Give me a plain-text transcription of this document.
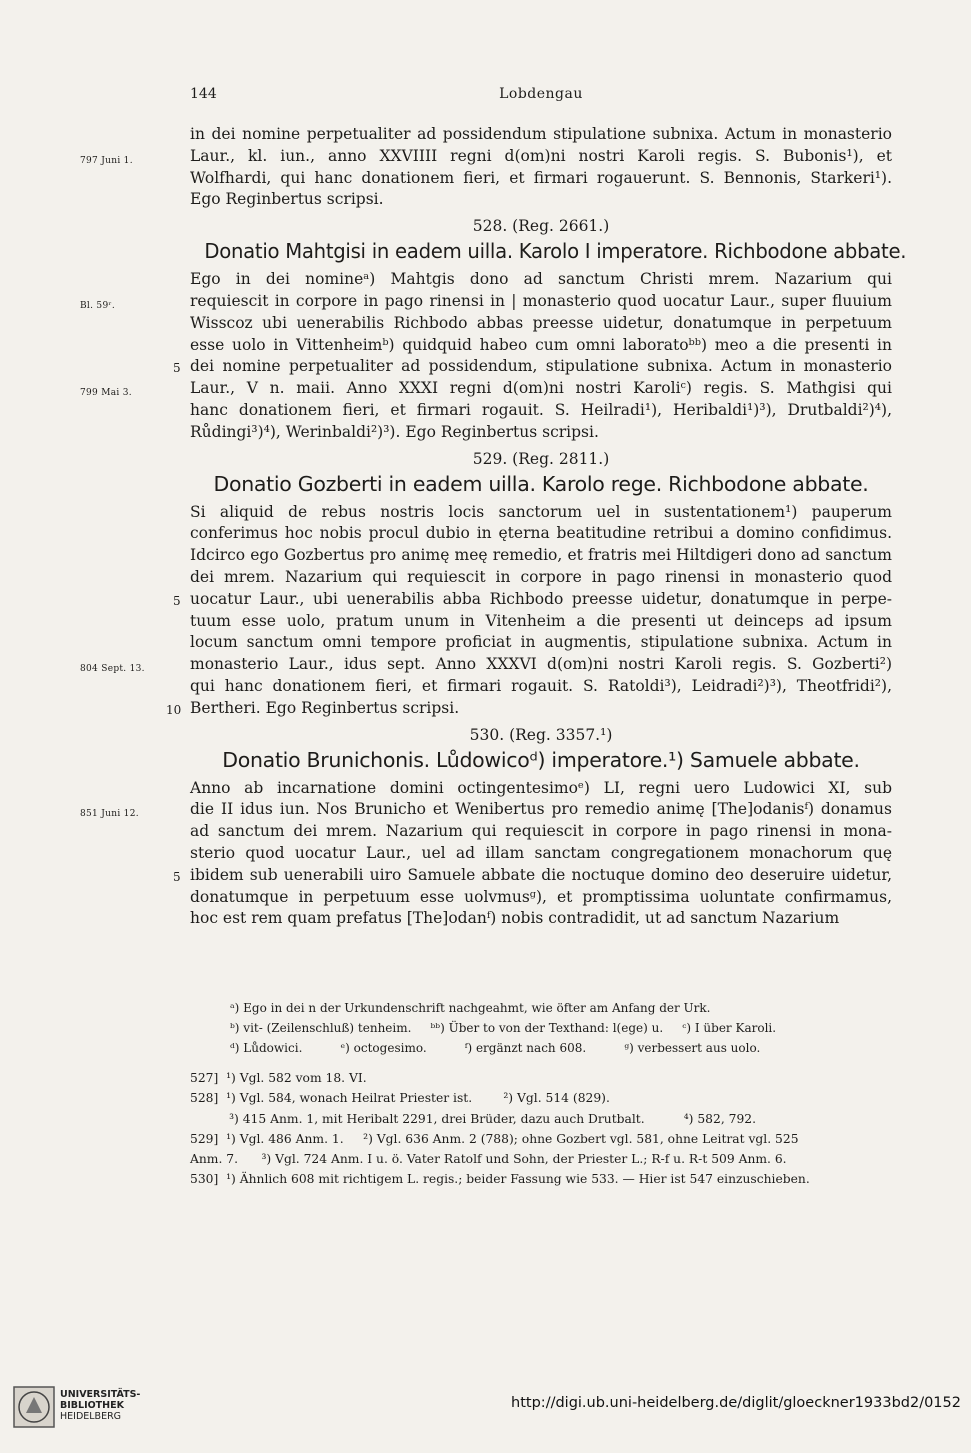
144	Lobdengau

in dei nomine perpetualiter ad possidendum stipulatione subnixa. Actum in monasterio
Laur., kl. iun., anno XXVIIII regni d(om)ni nostri Karoli regis. S. Bubonis¹), et
797 Juni 1.
Wolfhardi, qui hanc donationem fieri, et firmari rogauerunt. S. Bennonis, Starkeri¹).
Ego Reginbertus scripsi.

528. (Reg. 2661.)
Donatio Mahtgisi in eadem uilla. Karolo I imperatore. Richbodone abbate.

Ego in dei nomineᵃ) Mahtgis dono ad sanctum Christi mrem. Nazarium qui
requiescit in corpore in pago rinensi in | monasterio quod uocatur Laur., super fluuium
Bl. 59ʳ.
Wisscoz ubi uenerabilis Richbodo abbas preesse uidetur, donatumque in perpetuum
esse uolo in Vittenheimᵇ) quidquid habeo cum omni laboratoᵇᵇ) meo a die presenti in
dei nomine perpetualiter ad possidendum, stipulatione subnixa. Actum in monasterio
5
Laur., V n. maii. Anno XXXI regni d(om)ni nostri Karoliᶜ) regis. S. Mathgisi qui
799 Mai 3.
hanc donationem fieri, et firmari rogauit. S. Heilradi¹), Heribaldi¹)³), Drutbaldi²)⁴),
Růdingi³)⁴), Werinbaldi²)³). Ego Reginbertus scripsi.

529. (Reg. 2811.)
Donatio Gozberti in eadem uilla. Karolo rege. Richbodone abbate.

Si aliquid de rebus nostris locis sanctorum uel in sustentationem¹) pauperum
conferimus hoc nobis procul dubio in ęterna beatitudine retribui a domino confidimus.
Idcirco ego Gozbertus pro animę meę remedio, et fratris mei Hiltdigeri dono ad sanctum
dei mrem. Nazarium qui requiescit in corpore in pago rinensi in monasterio quod
uocatur Laur., ubi uenerabilis abba Richbodo preesse uidetur, donatumque in perpe-
5
tuum esse uolo, pratum unum in Vitenheim a die presenti ut deinceps ad ipsum
locum sanctum omni tempore proficiat in augmentis, stipulatione subnixa. Actum in
monasterio Laur., idus sept. Anno XXXVI d(om)ni nostri Karoli regis. S. Gozberti²)
804 Sept. 13.
qui hanc donationem fieri, et firmari rogauit. S. Ratoldi³), Leidradi²)³), Theotfridi²),
Bertheri. Ego Reginbertus scripsi.
10

530. (Reg. 3357.¹)
Donatio Brunichonis. Lůdowicoᵈ) imperatore.¹) Samuele abbate.

Anno ab incarnatione domini octingentesimoᵉ) LI, regni uero Ludowici XI, sub
die II idus iun. Nos Brunicho et Wenibertus pro remedio animę [The]odanisᶠ) donamus
851 Juni 12.
ad sanctum dei mrem. Nazarium qui requiescit in corpore in pago rinensi in mona-
sterio quod uocatur Laur., uel ad illam sanctam congregationem monachorum quę
ibidem sub uenerabili uiro Samuele abbate die noctuque domino deo deseruire uidetur,
5
donatumque in perpetuum esse uolvmusᵍ), et promptissima uoluntate confirmamus,
hoc est rem quam prefatus [The]odanᶠ) nobis contradidit, ut ad sanctum Nazarium

ᵃ) Ego in dei n der Urkundenschrift nachgeahmt, wie öfter am Anfang der Urk.
ᵇ) vit- (Zeilenschluß) tenheim.     ᵇᵇ) Über to von der Texthand: l(ege) u.     ᶜ) I über Karoli.
ᵈ) Lůdowici.          ᵉ) octogesimo.          ᶠ) ergänzt nach 608.          ᵍ) verbessert aus uolo.
527]  ¹) Vgl. 582 vom 18. VI.
528]  ¹) Vgl. 584, wonach Heilrat Priester ist.        ²) Vgl. 514 (829).
³) 415 Anm. 1, mit Heribalt 2291, drei Brüder, dazu auch Drutbalt.          ⁴) 582, 792.
529]  ¹) Vgl. 486 Anm. 1.     ²) Vgl. 636 Anm. 2 (788); ohne Gozbert vgl. 581, ohne Leitrat vgl. 525
Anm. 7.      ³) Vgl. 724 Anm. I u. ö. Vater Ratolf und Sohn, der Priester L.; R-f u. R-t 509 Anm. 6.
530]  ¹) Ähnlich 608 mit richtigem L. regis.; beider Fassung wie 533. — Hier ist 547 einzuschieben.
UNIVERSITÄTS-
BIBLIOTHEK
HEIDELBERG
http://digi.ub.uni-heidelberg.de/diglit/gloeckner1933bd2/0152
